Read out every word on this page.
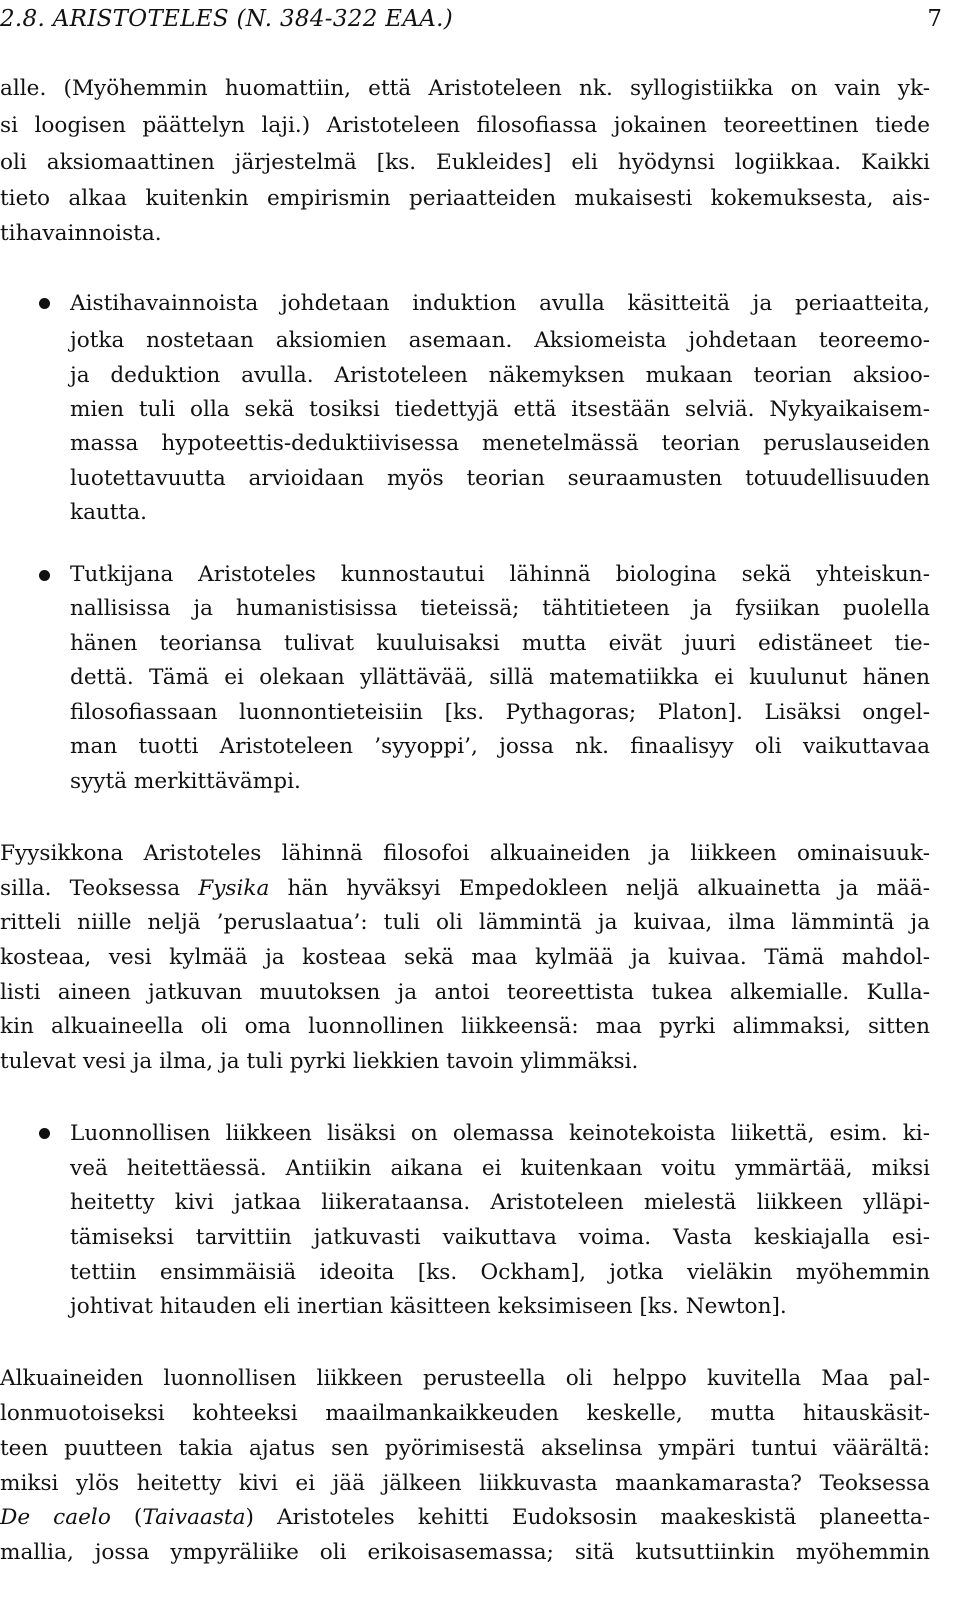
2.8. ARISTOTELES (N. 384-322 EAA.)	7
alle. (Myöhemmin huomattiin, että Aristoteleen nk. syllogistiikka on vain yk-
si loogisen päättelyn laji.) Aristoteleen filosofiassa jokainen teoreettinen tiede
oli aksiomaattinen järjestelmä [ks. Eukleides] eli hyödynsi logiikkaa. Kaikki
tieto alkaa kuitenkin empirismin periaatteiden mukaisesti kokemuksesta, ais-
tihavainnoista.
Aistihavainnoista johdetaan induktion avulla käsitteitä ja periaatteita,
jotka nostetaan aksiomien asemaan. Aksiomeista johdetaan teoreemo-
ja deduktion avulla. Aristoteleen näkemyksen mukaan teorian aksioo-
mien tuli olla sekä tosiksi tiedettyjä että itsestään selviä. Nykyaikaisem-
massa hypoteettis-deduktiivisessa menetelmässä teorian peruslauseiden
luotettavuutta arvioidaan myös teorian seuraamusten totuudellisuuden
kautta.
Tutkijana Aristoteles kunnostautui lähinnä biologina sekä yhteiskun-
nallisissa ja humanistisissa tieteissä; tähtitieteen ja fysiikan puolella
hänen teoriansa tulivat kuuluisaksi mutta eivät juuri edistäneet tie-
dettä. Tämä ei olekaan yllättävää, sillä matematiikka ei kuulunut hänen
filosofiassaan luonnontieteisiin [ks. Pythagoras; Platon]. Lisäksi ongel-
man tuotti Aristoteleen ’syyoppi’, jossa nk. finaalisyy oli vaikuttavaa
syytä merkittävämpi.
Fyysikkona Aristoteles lähinnä filosofoi alkuaineiden ja liikkeen ominaisuuk-
silla. Teoksessa Fysika hän hyväksyi Empedokleen neljä alkuainetta ja mää-
ritteli niille neljä ’peruslaatua’: tuli oli lämmintä ja kuivaa, ilma lämmintä ja
kosteaa, vesi kylmää ja kosteaa sekä maa kylmää ja kuivaa. Tämä mahdol-
listi aineen jatkuvan muutoksen ja antoi teoreettista tukea alkemialle. Kulla-
kin alkuaineella oli oma luonnollinen liikkeensä: maa pyrki alimmaksi, sitten
tulevat vesi ja ilma, ja tuli pyrki liekkien tavoin ylimmäksi.
Luonnollisen liikkeen lisäksi on olemassa keinotekoista liikettä, esim. ki-
veä heitettäessä. Antiikin aikana ei kuitenkaan voitu ymmärtää, miksi
heitetty kivi jatkaa liikerataansa. Aristoteleen mielestä liikkeen ylläpi-
tämiseksi tarvittiin jatkuvasti vaikuttava voima. Vasta keskiajalla esi-
tettiin ensimmäisiä ideoita [ks. Ockham], jotka vieläkin myöhemmin
johtivat hitauden eli inertian käsitteen keksimiseen [ks. Newton].
Alkuaineiden luonnollisen liikkeen perusteella oli helppo kuvitella Maa pal-
lonmuotoiseksi kohteeksi maailmankaikkeuden keskelle, mutta hitauskäsit-
teen puutteen takia ajatus sen pyörimisestä akselinsa ympäri tuntui väärältä:
miksi ylös heitetty kivi ei jää jälkeen liikkuvasta maankamarasta? Teoksessa
De caelo (Taivaasta) Aristoteles kehitti Eudoksosin maakeskistä planeetta-
mallia, jossa ympyräliike oli erikoisasemassa; sitä kutsuttiinkin myöhemmin
